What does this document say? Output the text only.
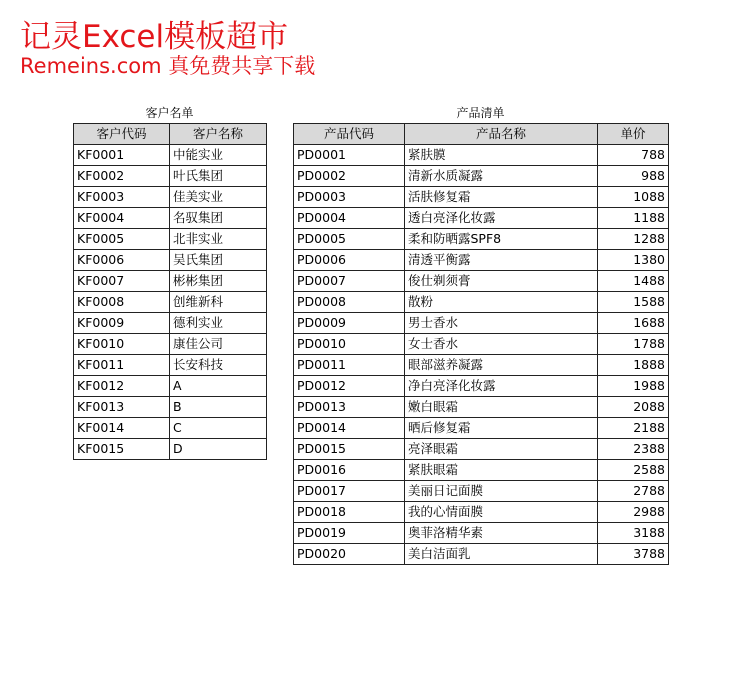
记灵Excel模板超市
Remeins.com 真免费共享下载
客户名单
客户代码	客户名称
KF0001	中能实业
KF0002	叶氏集团
KF0003	佳美实业
KF0004	名驭集团
KF0005	北非实业
KF0006	吴氏集团
KF0007	彬彬集团
KF0008	创维新科
KF0009	德利实业
KF0010	康佳公司
KF0011	长安科技
KF0012	A
KF0013	B
KF0014	C
KF0015	D
产品清单
产品代码	产品名称	单价
PD0001	紧肤膜	788
PD0002	清新水质凝露	988
PD0003	活肤修复霜	1088
PD0004	透白亮泽化妆露	1188
PD0005	柔和防晒露SPF8	1288
PD0006	清透平衡露	1380
PD0007	俊仕剃须膏	1488
PD0008	散粉	1588
PD0009	男士香水	1688
PD0010	女士香水	1788
PD0011	眼部滋养凝露	1888
PD0012	净白亮泽化妆露	1988
PD0013	嫩白眼霜	2088
PD0014	晒后修复霜	2188
PD0015	亮泽眼霜	2388
PD0016	紧肤眼霜	2588
PD0017	美丽日记面膜	2788
PD0018	我的心情面膜	2988
PD0019	奥菲洛精华素	3188
PD0020	美白洁面乳	3788
